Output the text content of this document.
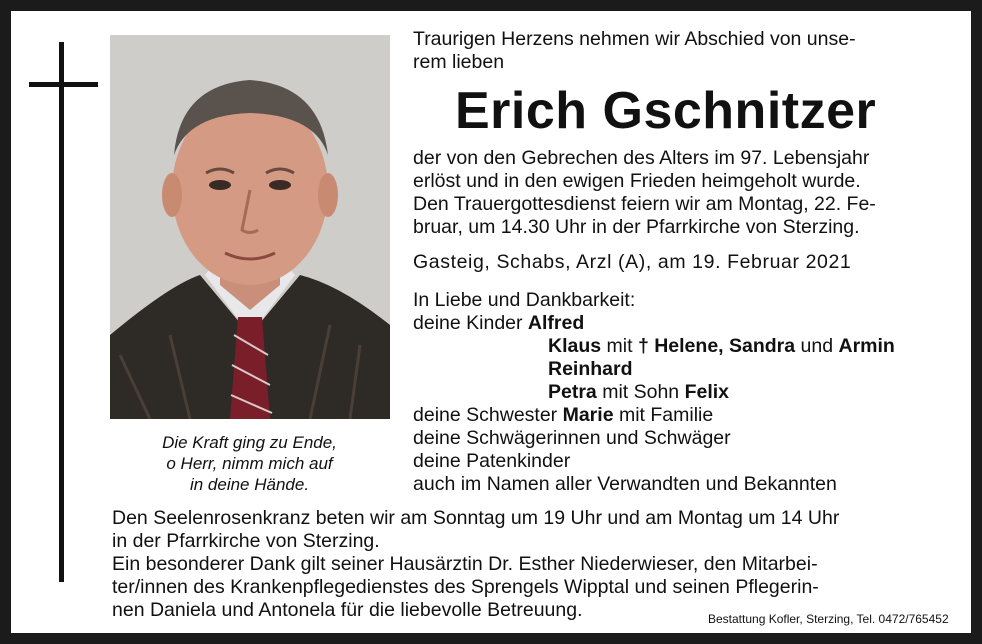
Die Kraft ging zu Ende,
o Herr, nimm mich auf
in deine Hände.
Traurigen Herzens nehmen wir Abschied von unse-
rem lieben
Erich Gschnitzer
der von den Gebrechen des Alters im 97. Lebensjahr
erlöst und in den ewigen Frieden heimgeholt wurde.
Den Trauergottesdienst feiern wir am Montag, 22. Fe-
bruar, um 14.30 Uhr in der Pfarrkirche von Sterzing.
Gasteig, Schabs, Arzl (A), am 19. Februar 2021
In Liebe und Dankbarkeit:
deine Kinder Alfred
Klaus mit † Helene, Sandra und Armin
Reinhard
Petra mit Sohn Felix
deine Schwester Marie mit Familie
deine Schwägerinnen und Schwäger
deine Patenkinder
auch im Namen aller Verwandten und Bekannten
Den Seelenrosenkranz beten wir am Sonntag um 19 Uhr und am Montag um 14 Uhr
in der Pfarrkirche von Sterzing.
Ein besonderer Dank gilt seiner Hausärztin Dr. Esther Niederwieser, den Mitarbei-
ter/innen des Krankenpflegedienstes des Sprengels Wipptal und seinen Pflegerin-
nen Daniela und Antonela für die liebevolle Betreuung.	Bestattung Kofler, Sterzing, Tel. 0472/765452
